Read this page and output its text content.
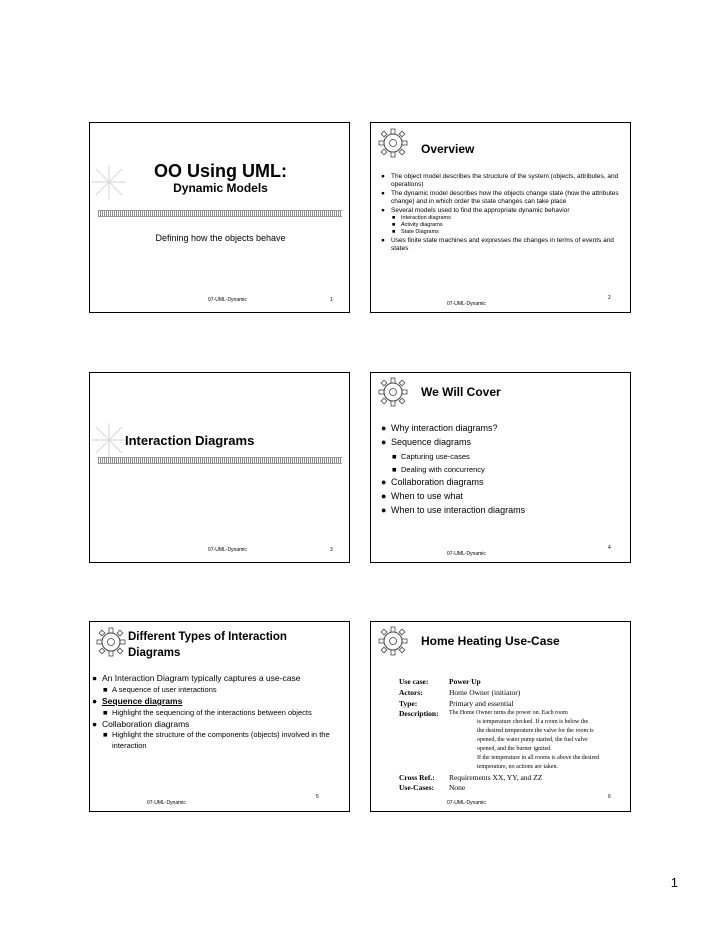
OO Using UML:
Dynamic Models
Defining how the objects behave
07-UML-Dynamic	1
Overview
● The object model describes the structure of the system (objects, attributes, and operations)
● The dynamic model describes how the objects change state (how the attributes change) and in which order the state changes can take place
● Several models used to find the appropriate dynamic behavior
■ Interaction diagrams
■ Activity diagrams
■ State Diagrams
● Uses finite state machines and expresses the changes in terms of events and states
07-UML-Dynamic
2
Interaction Diagrams
07-UML-Dynamic	3
We Will Cover
● Why interaction diagrams?
● Sequence diagrams
■ Capturing use-cases
■ Dealing with concurrency
● Collaboration diagrams
● When to use what
● When to use interaction diagrams
07-UML-Dynamic
4
Different Types of Interaction Diagrams
● An Interaction Diagram typically captures a use-case
■ A sequence of user interactions
● Sequence diagrams
■ Highlight the sequencing of the interactions between objects
● Collaboration diagrams
■ Highlight the structure of the components (objects) involved in the interaction
07-UML-Dynamic
5
Home Heating Use-Case
Use case:	Power Up
Actors:	Home Owner (initiator)
Type:	Primary and essential
Description: The Home Owner turns the power on. Each room
is temperature checked. If a room is below the
the desired temperature the valve for the room is
opened, the water pump started, the fuel valve
opened, and the burner ignited.
If the temperature in all rooms is above the desired
temperature, no actions are taken.
Cross Ref.: Requirements XX, YY, and ZZ
Use-Cases: None
07-UML-Dynamic
6
1
